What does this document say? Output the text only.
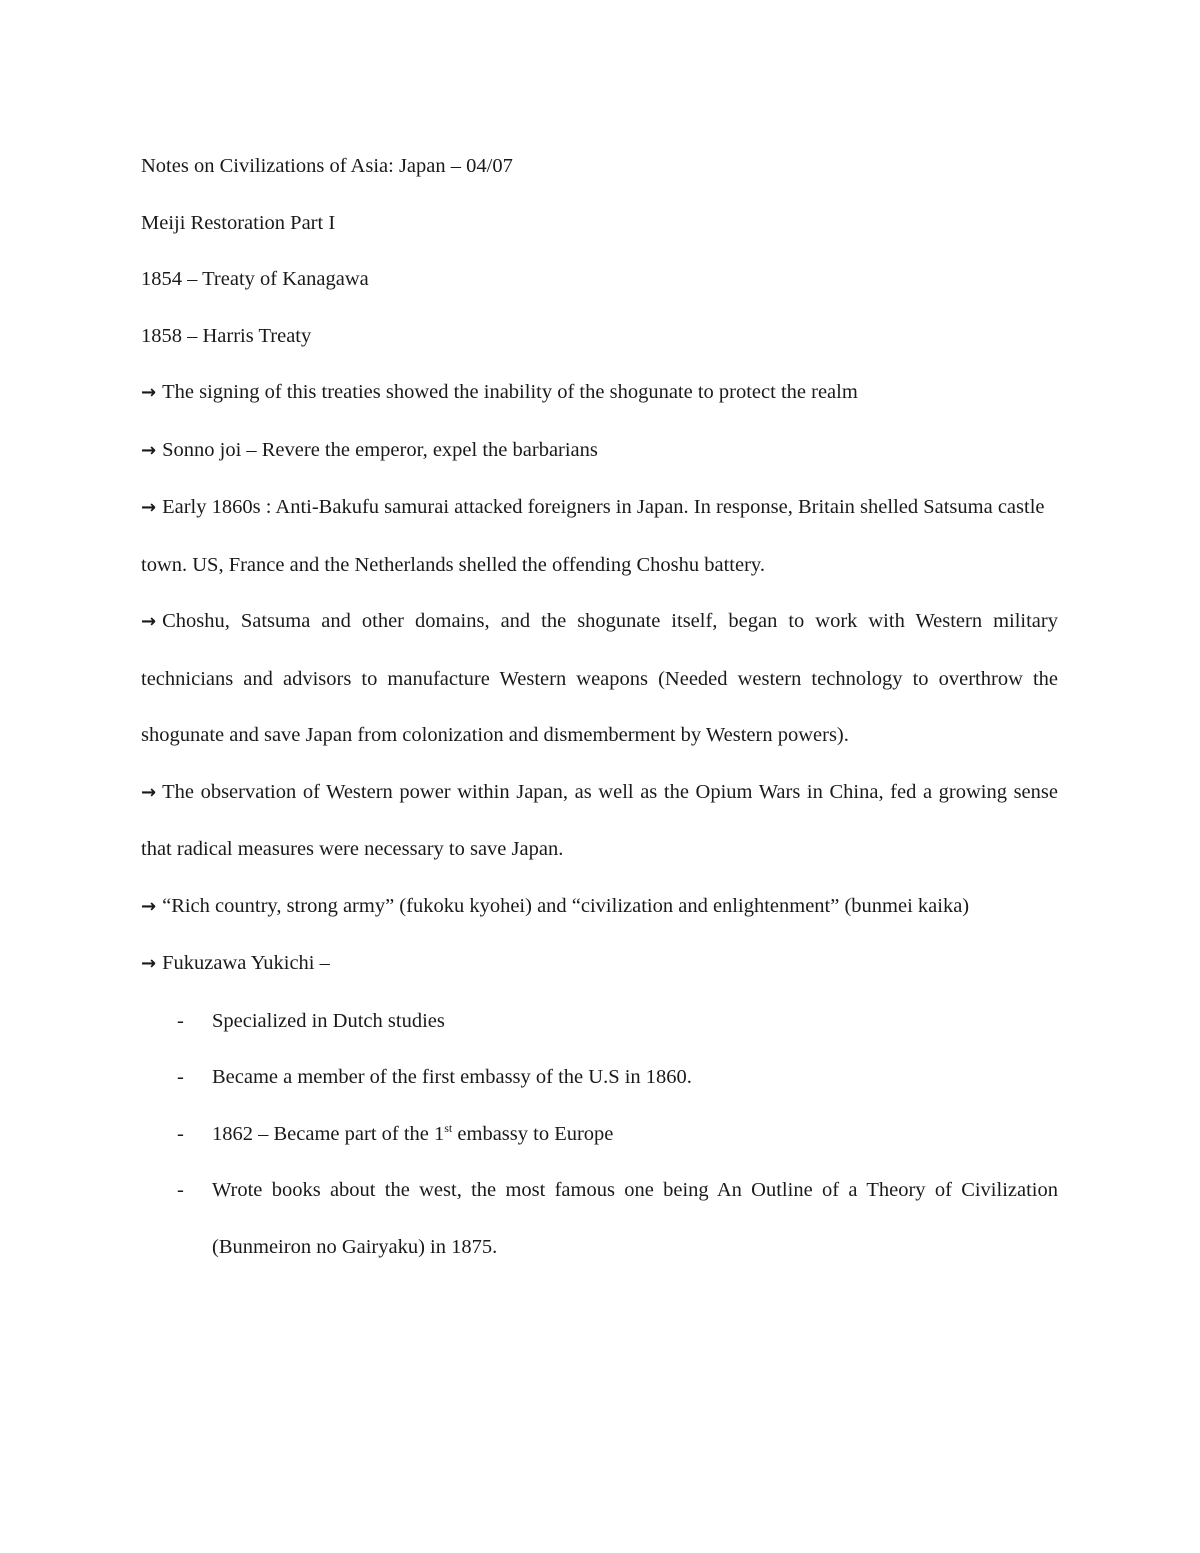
Notes on Civilizations of Asia: Japan – 04/07

Meiji Restoration Part I

1854 – Treaty of Kanagawa

1858 – Harris Treaty

→ The signing of this treaties showed the inability of the shogunate to protect the realm

→ Sonno joi – Revere the emperor, expel the barbarians

→ Early 1860s : Anti-Bakufu samurai attacked foreigners in Japan. In response, Britain shelled Satsuma castle town. US, France and the Netherlands shelled the offending Choshu battery.

→ Choshu, Satsuma and other domains, and the shogunate itself, began to work with Western military technicians and advisors to manufacture Western weapons (Needed western technology to overthrow the shogunate and save Japan from colonization and dismemberment by Western powers).

→ The observation of Western power within Japan, as well as the Opium Wars in China, fed a growing sense that radical measures were necessary to save Japan.

→ “Rich country, strong army” (fukoku kyohei) and “civilization and enlightenment” (bunmei kaika)

→ Fukuzawa Yukichi –

- Specialized in Dutch studies
- Became a member of the first embassy of the U.S in 1860.
- 1862 – Became part of the 1st embassy to Europe
- Wrote books about the west, the most famous one being An Outline of a Theory of Civilization (Bunmeiron no Gairyaku) in 1875.
